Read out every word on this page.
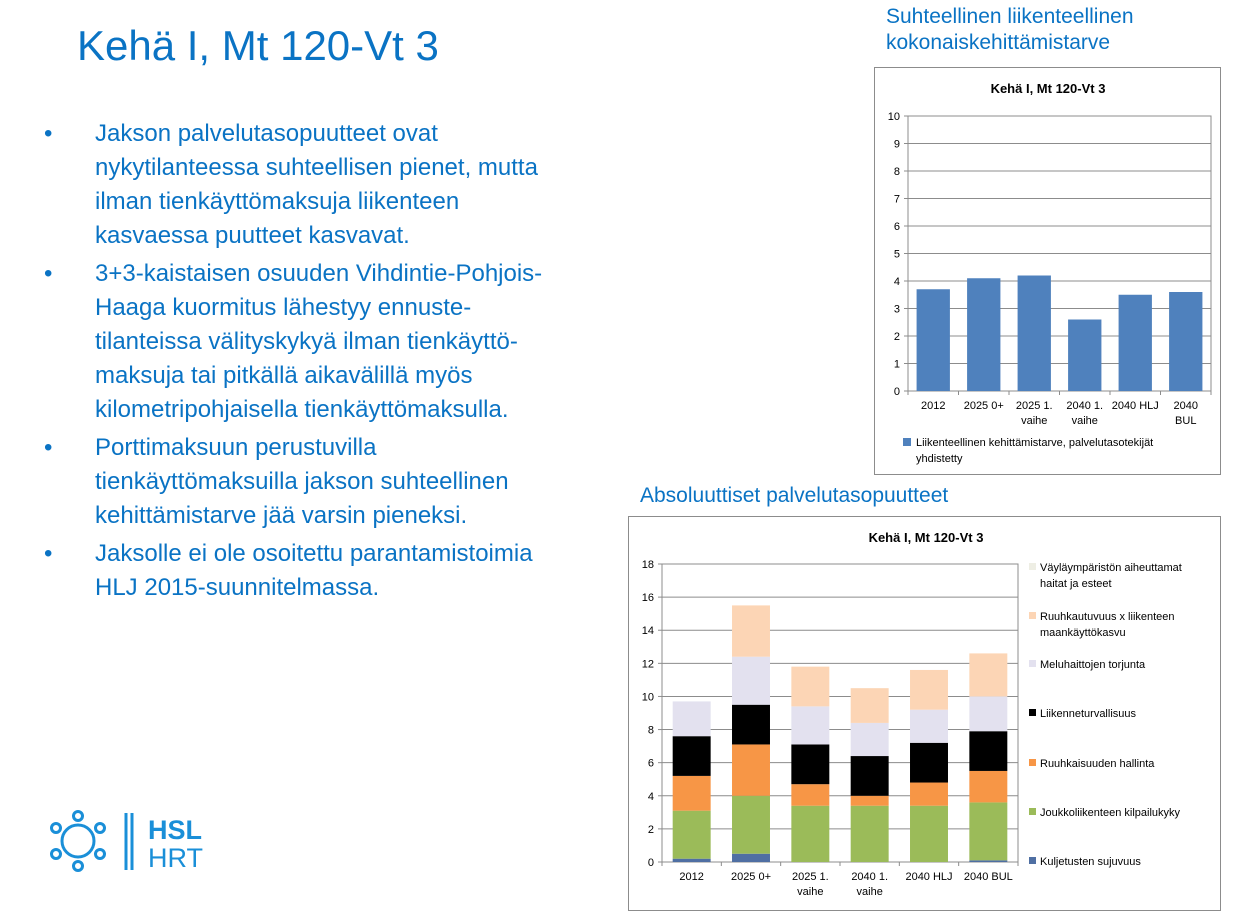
Kehä I, Mt 120-Vt 3
• Jakson palvelutasopuutteet ovat
nykytilanteessa suhteellisen pienet, mutta
ilman tienkäyttömaksuja liikenteen
kasvaessa puutteet kasvavat.
• 3+3-kaistaisen osuuden Vihdintie-Pohjois-
Haaga kuormitus lähestyy ennuste-
tilanteissa välityskykyä ilman tienkäyttö-
maksuja tai pitkällä aikavälillä myös
kilometripohjaisella tienkäyttömaksulla.
• Porttimaksuun perustuvilla
tienkäyttömaksuilla jakson suhteellinen
kehittämistarve jää varsin pieneksi.
• Jaksolle ei ole osoitettu parantamistoimia
HLJ 2015-suunnitelmassa.
Suhteellinen liikenteellinen
kokonaiskehittämistarve
Kehä I, Mt 120-Vt 3
0
1
2
3
4
5
6
7
8
9
10
2012 2025 0+ 2025 1.
vaihe
2040 1.
vaihe
2040 HLJ 2040
BUL
Liikenteellinen kehittämistarve, palvelutasotekijät
yhdistetty
Absoluuttiset palvelutasopuutteet
Kehä I, Mt 120-Vt 3
0
2
4
6
8
10
12
14
16
18
2012 2025 0+ 2025 1.
vaihe
2040 1.
vaihe
2040 HLJ 2040 BUL
Kuljetusten sujuvuus
Joukkoliikenteen kilpailukyky
Ruuhkaisuuden hallinta
Liikenneturvallisuus
Meluhaittojen torjunta
Ruuhkautuvuus x liikenteen
maankäyttökasvu
Väyläympäristön aiheuttamat
haitat ja esteet
HSL
HRT
